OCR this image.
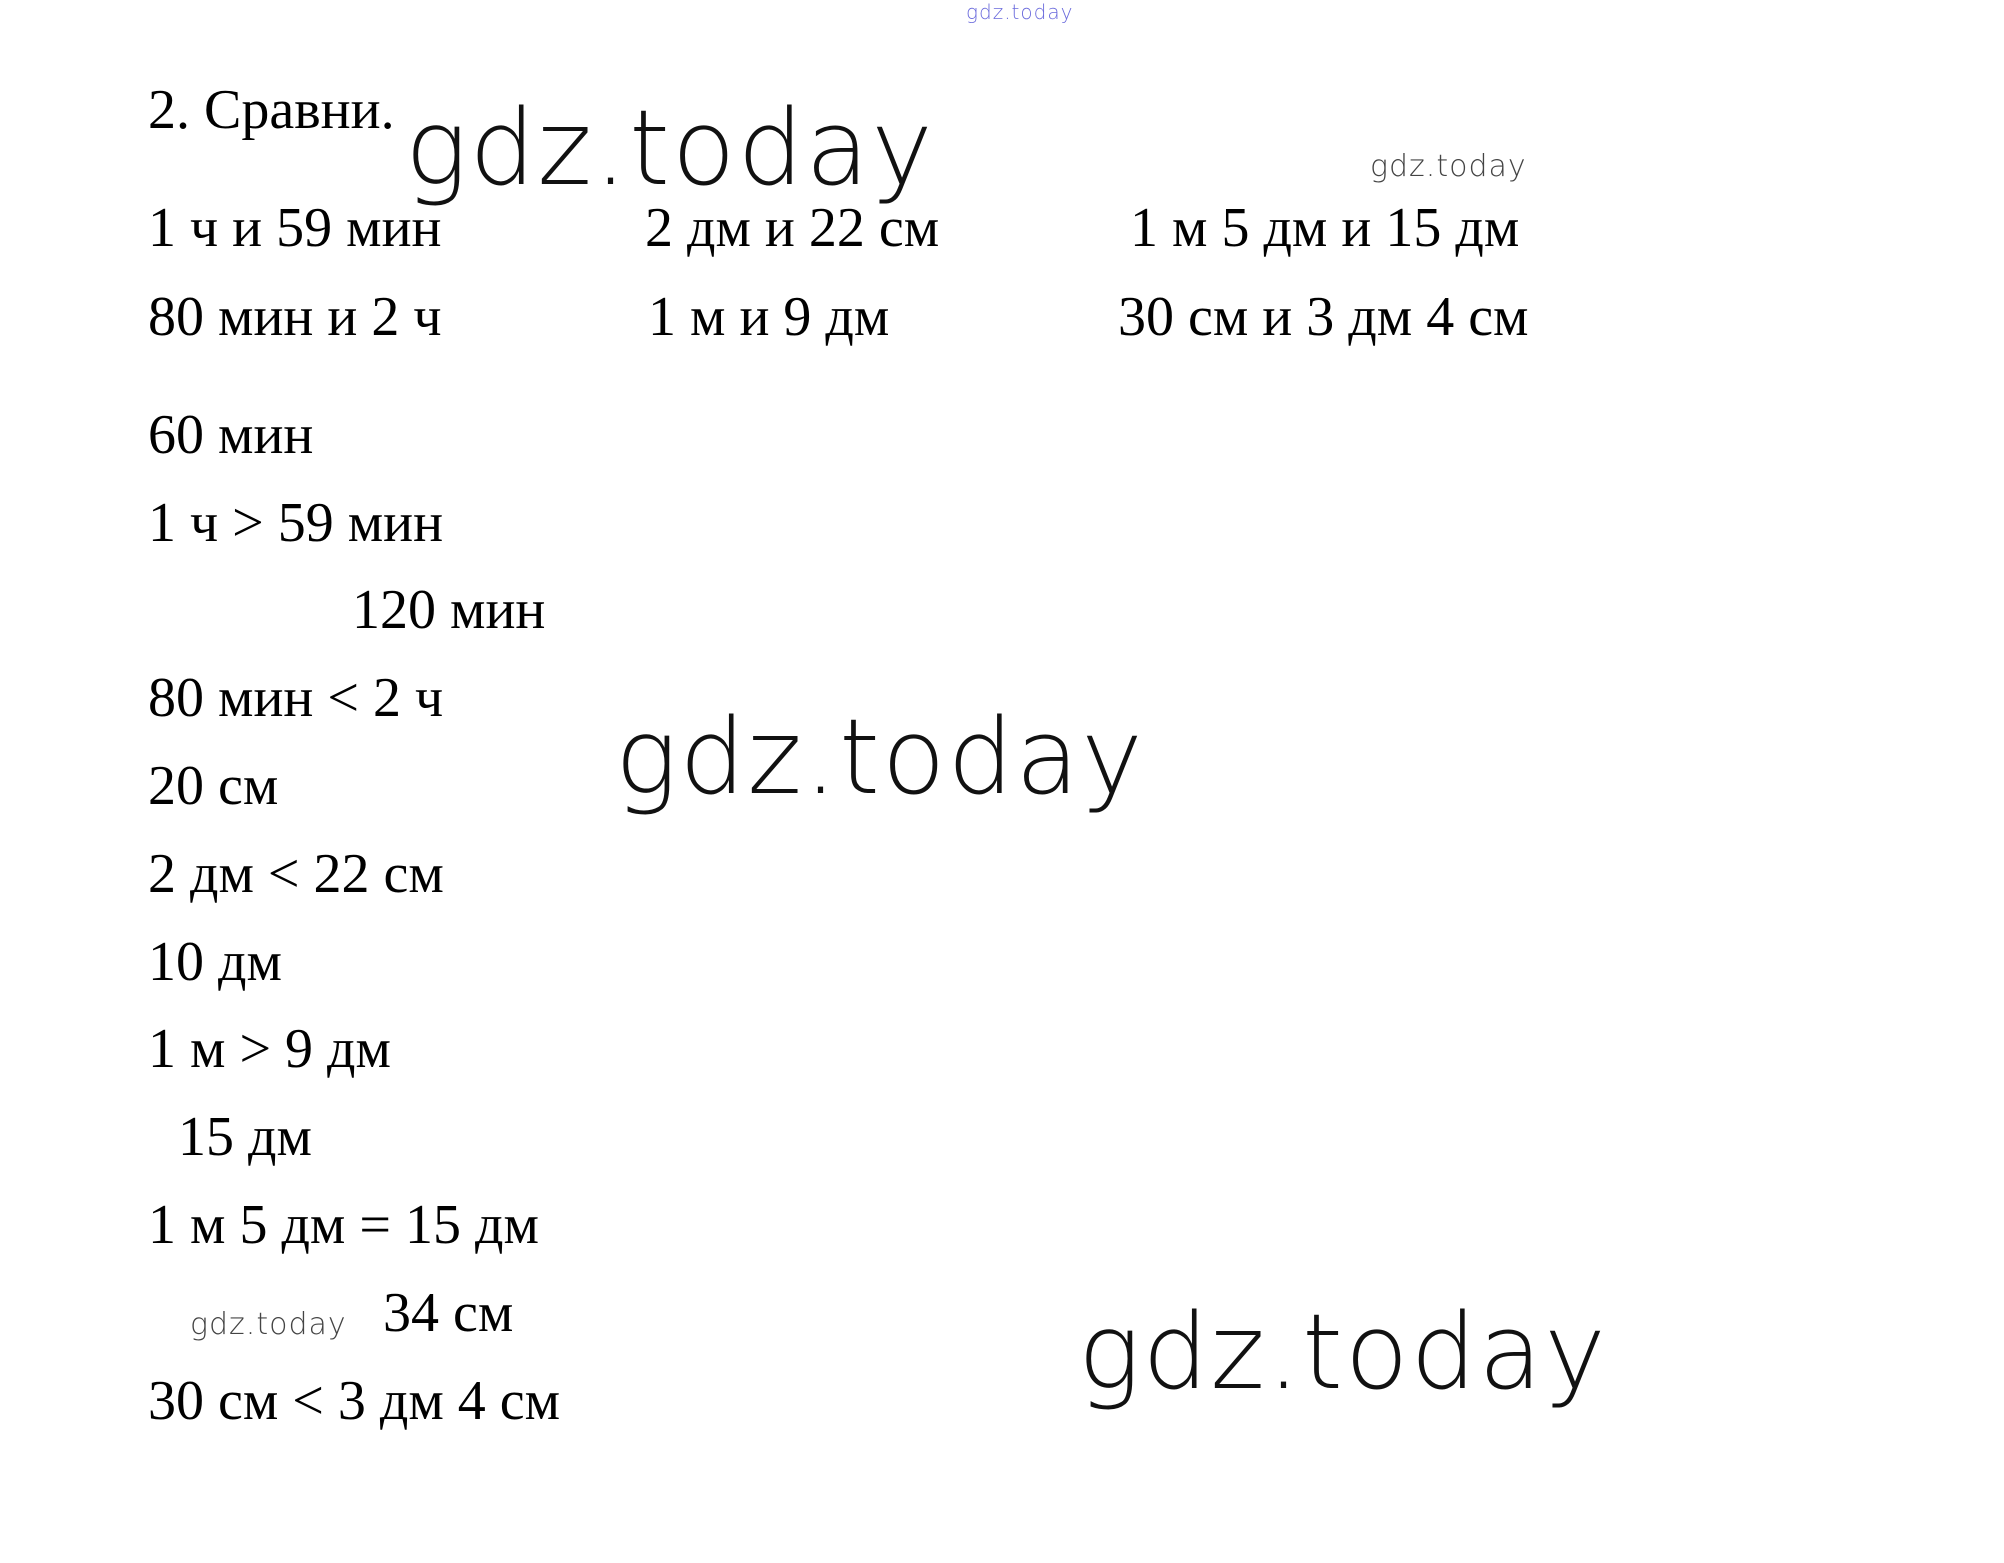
gdz.today
gdz.today	gdz.today
gdz.today
gdz.today	gdz.today
2. Сравни.
1 ч и 59 мин	2 дм и 22 см	1 м 5 дм и 15 дм
80 мин и 2 ч	1 м и 9 дм	30 см и 3 дм 4 см
60 мин
1 ч > 59 мин
120 мин
80 мин < 2 ч
20 см
2 дм < 22 см
10 дм
1 м > 9 дм
15 дм
1 м 5 дм = 15 дм
34 см
30 см < 3 дм 4 см
